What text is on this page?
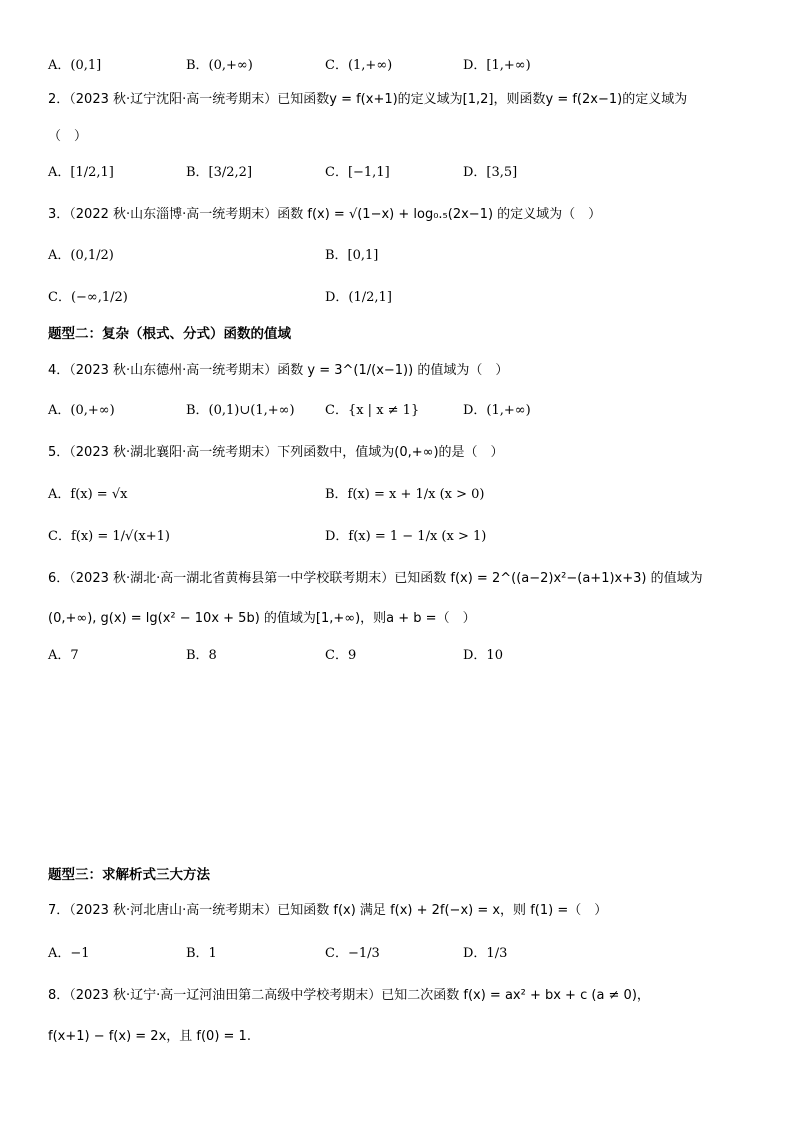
A．(0,1]	B．(0,+∞)	C．(1,+∞)	D．[1,+∞)
2．（2023 秋·辽宁沈阳·高一统考期末）已知函数y = f(x+1)的定义域为[1,2]，则函数y = f(2x−1)的定义域为
（　）
A．[1/2,1]	B．[3/2,2]	C．[−1,1]	D．[3,5]
3．（2022 秋·山东淄博·高一统考期末）函数 f(x) = √(1−x) + log₀.₅(2x−1) 的定义域为（　）
A．(0,1/2)	B．[0,1]
C．(−∞,1/2)	D．(1/2,1]
题型二：复杂（根式、分式）函数的值域
4．（2023 秋·山东德州·高一统考期末）函数 y = 3^(1/(x−1)) 的值域为（　）
A．(0,+∞)	B．(0,1)∪(1,+∞) C．{x | x ≠ 1}	D．(1,+∞)
5．（2023 秋·湖北襄阳·高一统考期末）下列函数中，值域为(0,+∞)的是（　）
A．f(x) = √x	B．f(x) = x + 1/x (x > 0)
C．f(x) = 1/√(x+1)	D．f(x) = 1 − 1/x (x > 1)
6．（2023 秋·湖北·高一湖北省黄梅县第一中学校联考期末）已知函数 f(x) = 2^((a−2)x²−(a+1)x+3) 的值域为
(0,+∞), g(x) = lg(x² − 10x + 5b) 的值域为[1,+∞)，则a + b =（　）
A．7	B．8	C．9	D．10
题型三：求解析式三大方法
7．（2023 秋·河北唐山·高一统考期末）已知函数 f(x) 满足 f(x) + 2f(−x) = x，则 f(1) =（　）
A．−1	B．1	C．−1/3	D．1/3
8．（2023 秋·辽宁·高一辽河油田第二高级中学校考期末）已知二次函数 f(x) = ax² + bx + c (a ≠ 0)，
f(x+1) − f(x) = 2x，且 f(0) = 1.
